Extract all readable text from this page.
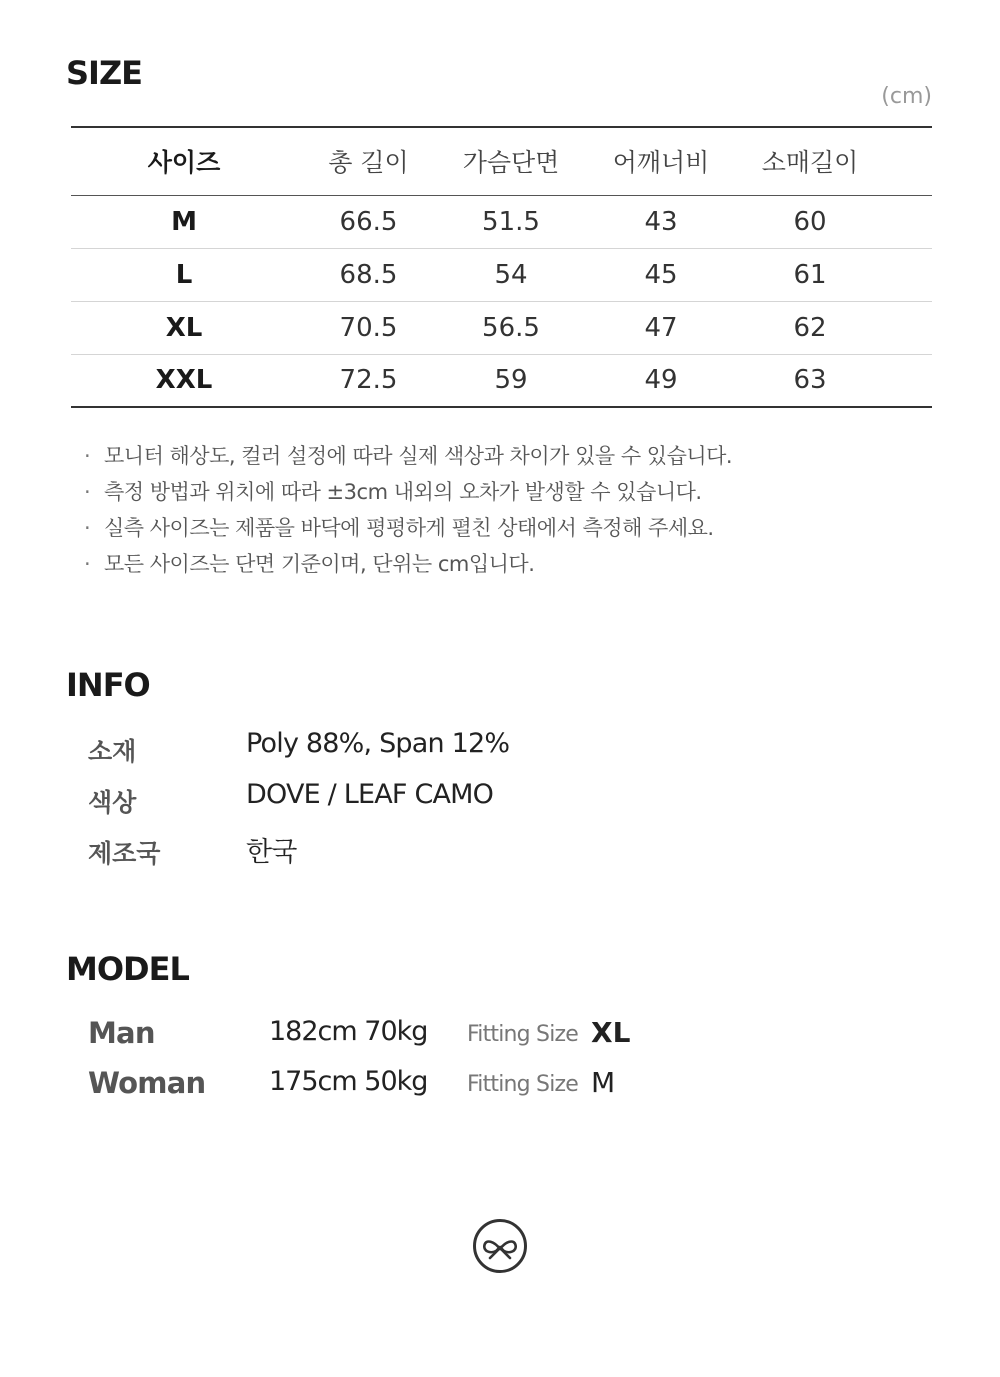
SIZE
(cm)
사이즈	총 길이	가슴단면	어깨너비	소매길이	
M	66.5	51.5	43	60	
L	68.5	54	45	61	
XL	70.5	56.5	47	62	
XXL	72.5	59	49	63	
· 모니터 해상도, 컬러 설정에 따라 실제 색상과 차이가 있을 수 있습니다.
· 측정 방법과 위치에 따라 ±3cm 내외의 오차가 발생할 수 있습니다.
· 실측 사이즈는 제품을 바닥에 평평하게 펼친 상태에서 측정해 주세요.
· 모든 사이즈는 단면 기준이며, 단위는 cm입니다.
INFO
소재	Poly 88%, Span 12%
색상	DOVE / LEAF CAMO
제조국	한국
MODEL
Man	182cm 70kg Fitting Size XL
Woman 175cm 50kg Fitting Size M
